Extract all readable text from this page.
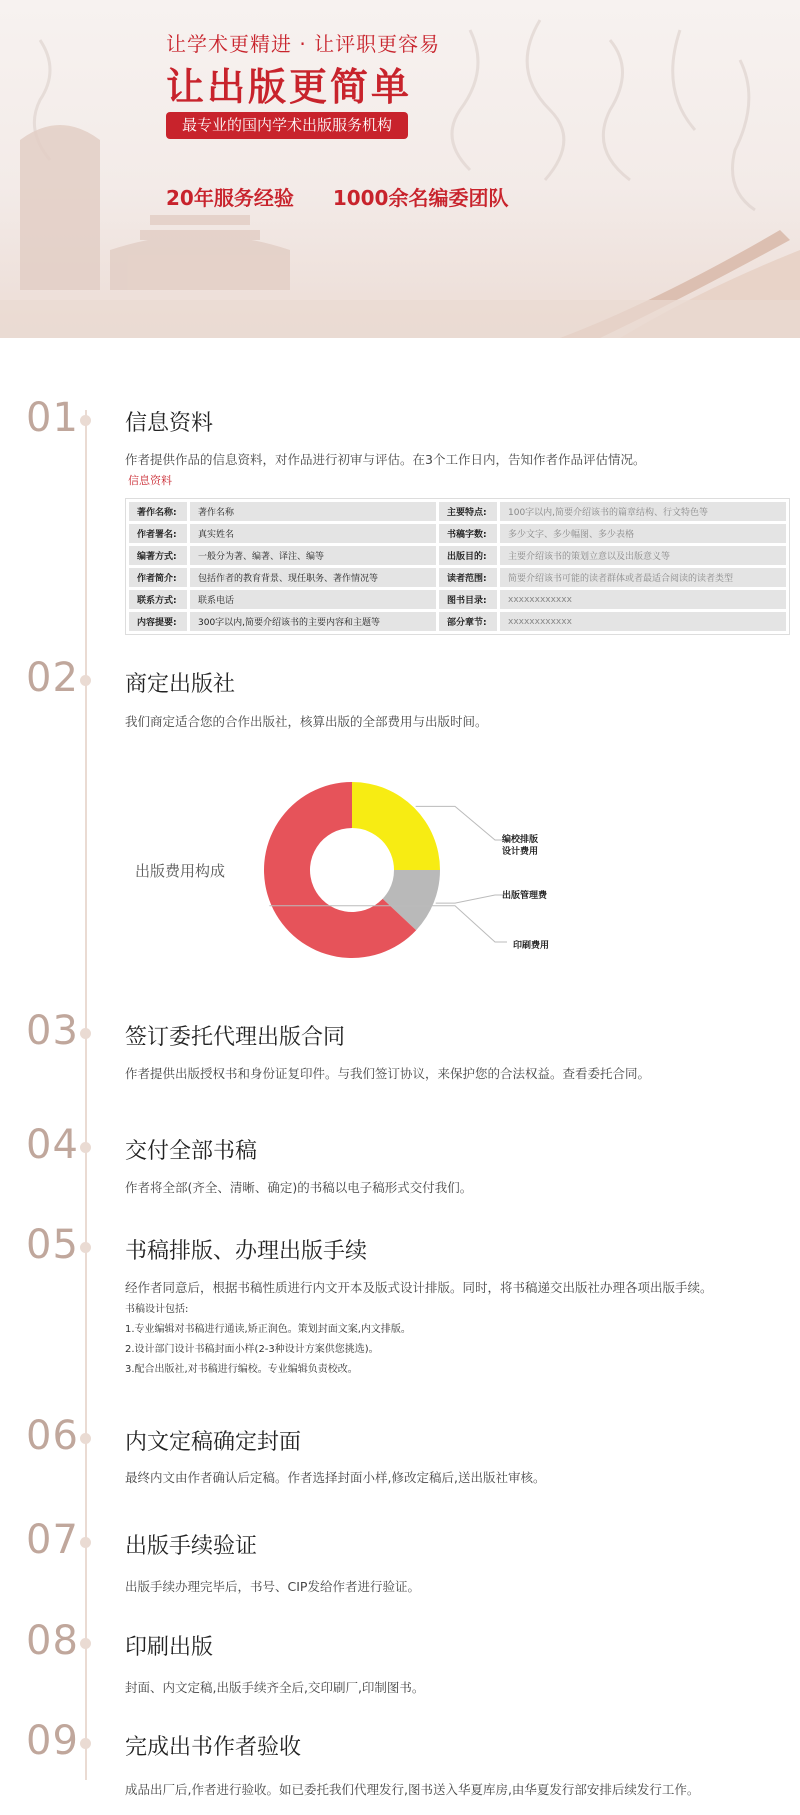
让学术更精进 · 让评职更容易
让出版更简单
最专业的国内学术出版服务机构
20年服务经验 1000余名编委团队
01 信息资料
作者提供作品的信息资料，对作品进行初审与评估。在3个工作日内，告知作者作品评估情况。
信息资料
著作名称:	著作名称	主要特点:	100字以内,简要介绍该书的篇章结构、行文特色等
作者署名:	真实姓名	书稿字数:	多少文字、多少幅图、多少表格
编著方式:	一般分为著、编著、译注、编等	出版目的:	主要介绍该书的策划立意以及出版意义等
作者简介:	包括作者的教育背景、现任职务、著作情况等	读者范围:	简要介绍该书可能的读者群体或者最适合阅读的读者类型
联系方式:	联系电话	图书目录:	xxxxxxxxxxxx
内容提要:	300字以内,简要介绍该书的主要内容和主题等	部分章节:	xxxxxxxxxxxx
02 商定出版社
我们商定适合您的合作出版社，核算出版的全部费用与出版时间。
出版费用构成
编校排版
设计费用
出版管理费
印刷费用
03 签订委托代理出版合同
作者提供出版授权书和身份证复印件。与我们签订协议，来保护您的合法权益。查看委托合同。
04 交付全部书稿
作者将全部(齐全、清晰、确定)的书稿以电子稿形式交付我们。
05 书稿排版、办理出版手续
经作者同意后，根据书稿性质进行内文开本及版式设计排版。同时，将书稿递交出版社办理各项出版手续。
书稿设计包括:
1.专业编辑对书稿进行通读,矫正润色。策划封面文案,内文排版。
2.设计部门设计书稿封面小样(2-3种设计方案供您挑选)。
3.配合出版社,对书稿进行编校。专业编辑负责校改。
06 内文定稿确定封面
最终内文由作者确认后定稿。作者选择封面小样,修改定稿后,送出版社审核。
07 出版手续验证
出版手续办理完毕后，书号、CIP发给作者进行验证。
08 印刷出版
封面、内文定稿,出版手续齐全后,交印刷厂,印制图书。
09 完成出书作者验收
成品出厂后,作者进行验收。如已委托我们代理发行,图书送入华夏库房,由华夏发行部安排后续发行工作。
